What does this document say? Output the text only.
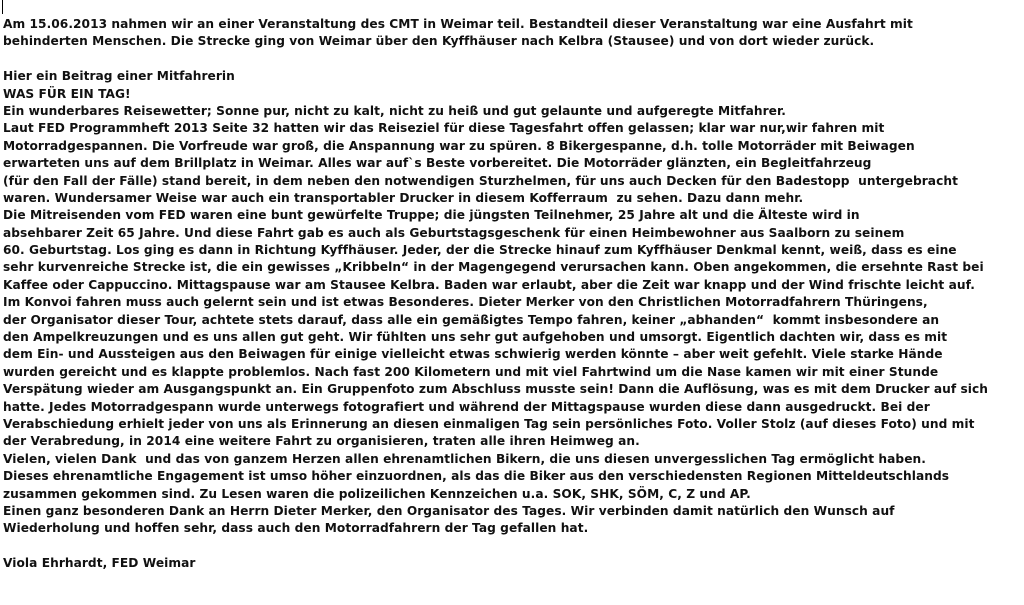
Am 15.06.2013 nahmen wir an einer Veranstaltung des CMT in Weimar teil. Bestandteil dieser Veranstaltung war eine Ausfahrt mit
behinderten Menschen. Die Strecke ging von Weimar über den Kyffhäuser nach Kelbra (Stausee) und von dort wieder zurück.
Hier ein Beitrag einer Mitfahrerin
WAS FÜR EIN TAG!
Ein wunderbares Reisewetter; Sonne pur, nicht zu kalt, nicht zu heiß und gut gelaunte und aufgeregte Mitfahrer.
Laut FED Programmheft 2013 Seite 32 hatten wir das Reiseziel für diese Tagesfahrt offen gelassen; klar war nur,wir fahren mit
Motorradgespannen. Die Vorfreude war groß, die Anspannung war zu spüren. 8 Bikergespanne, d.h. tolle Motorräder mit Beiwagen
erwarteten uns auf dem Brillplatz in Weimar. Alles war auf`s Beste vorbereitet. Die Motorräder glänzten, ein Begleitfahrzeug
(für den Fall der Fälle) stand bereit, in dem neben den notwendigen Sturzhelmen, für uns auch Decken für den Badestopp  untergebracht
waren. Wundersamer Weise war auch ein transportabler Drucker in diesem Kofferraum  zu sehen. Dazu dann mehr.
Die Mitreisenden vom FED waren eine bunt gewürfelte Truppe; die jüngsten Teilnehmer, 25 Jahre alt und die Älteste wird in
absehbarer Zeit 65 Jahre. Und diese Fahrt gab es auch als Geburtstagsgeschenk für einen Heimbewohner aus Saalborn zu seinem
60. Geburtstag. Los ging es dann in Richtung Kyffhäuser. Jeder, der die Strecke hinauf zum Kyffhäuser Denkmal kennt, weiß, dass es eine
sehr kurvenreiche Strecke ist, die ein gewisses „Kribbeln“ in der Magengegend verursachen kann. Oben angekommen, die ersehnte Rast bei
Kaffee oder Cappuccino. Mittagspause war am Stausee Kelbra. Baden war erlaubt, aber die Zeit war knapp und der Wind frischte leicht auf.
Im Konvoi fahren muss auch gelernt sein und ist etwas Besonderes. Dieter Merker von den Christlichen Motorradfahrern Thüringens,
der Organisator dieser Tour, achtete stets darauf, dass alle ein gemäßigtes Tempo fahren, keiner „abhanden“  kommt insbesondere an
den Ampelkreuzungen und es uns allen gut geht. Wir fühlten uns sehr gut aufgehoben und umsorgt. Eigentlich dachten wir, dass es mit
dem Ein- und Aussteigen aus den Beiwagen für einige vielleicht etwas schwierig werden könnte – aber weit gefehlt. Viele starke Hände
wurden gereicht und es klappte problemlos. Nach fast 200 Kilometern und mit viel Fahrtwind um die Nase kamen wir mit einer Stunde
Verspätung wieder am Ausgangspunkt an. Ein Gruppenfoto zum Abschluss musste sein! Dann die Auflösung, was es mit dem Drucker auf sich
hatte. Jedes Motorradgespann wurde unterwegs fotografiert und während der Mittagspause wurden diese dann ausgedruckt. Bei der
Verabschiedung erhielt jeder von uns als Erinnerung an diesen einmaligen Tag sein persönliches Foto. Voller Stolz (auf dieses Foto) und mit
der Verabredung, in 2014 eine weitere Fahrt zu organisieren, traten alle ihren Heimweg an.
Vielen, vielen Dank  und das von ganzem Herzen allen ehrenamtlichen Bikern, die uns diesen unvergesslichen Tag ermöglicht haben.
Dieses ehrenamtliche Engagement ist umso höher einzuordnen, als das die Biker aus den verschiedensten Regionen Mitteldeutschlands
zusammen gekommen sind. Zu Lesen waren die polizeilichen Kennzeichen u.a. SOK, SHK, SÖM, C, Z und AP.
Einen ganz besonderen Dank an Herrn Dieter Merker, den Organisator des Tages. Wir verbinden damit natürlich den Wunsch auf
Wiederholung und hoffen sehr, dass auch den Motorradfahrern der Tag gefallen hat.
Viola Ehrhardt, FED Weimar
